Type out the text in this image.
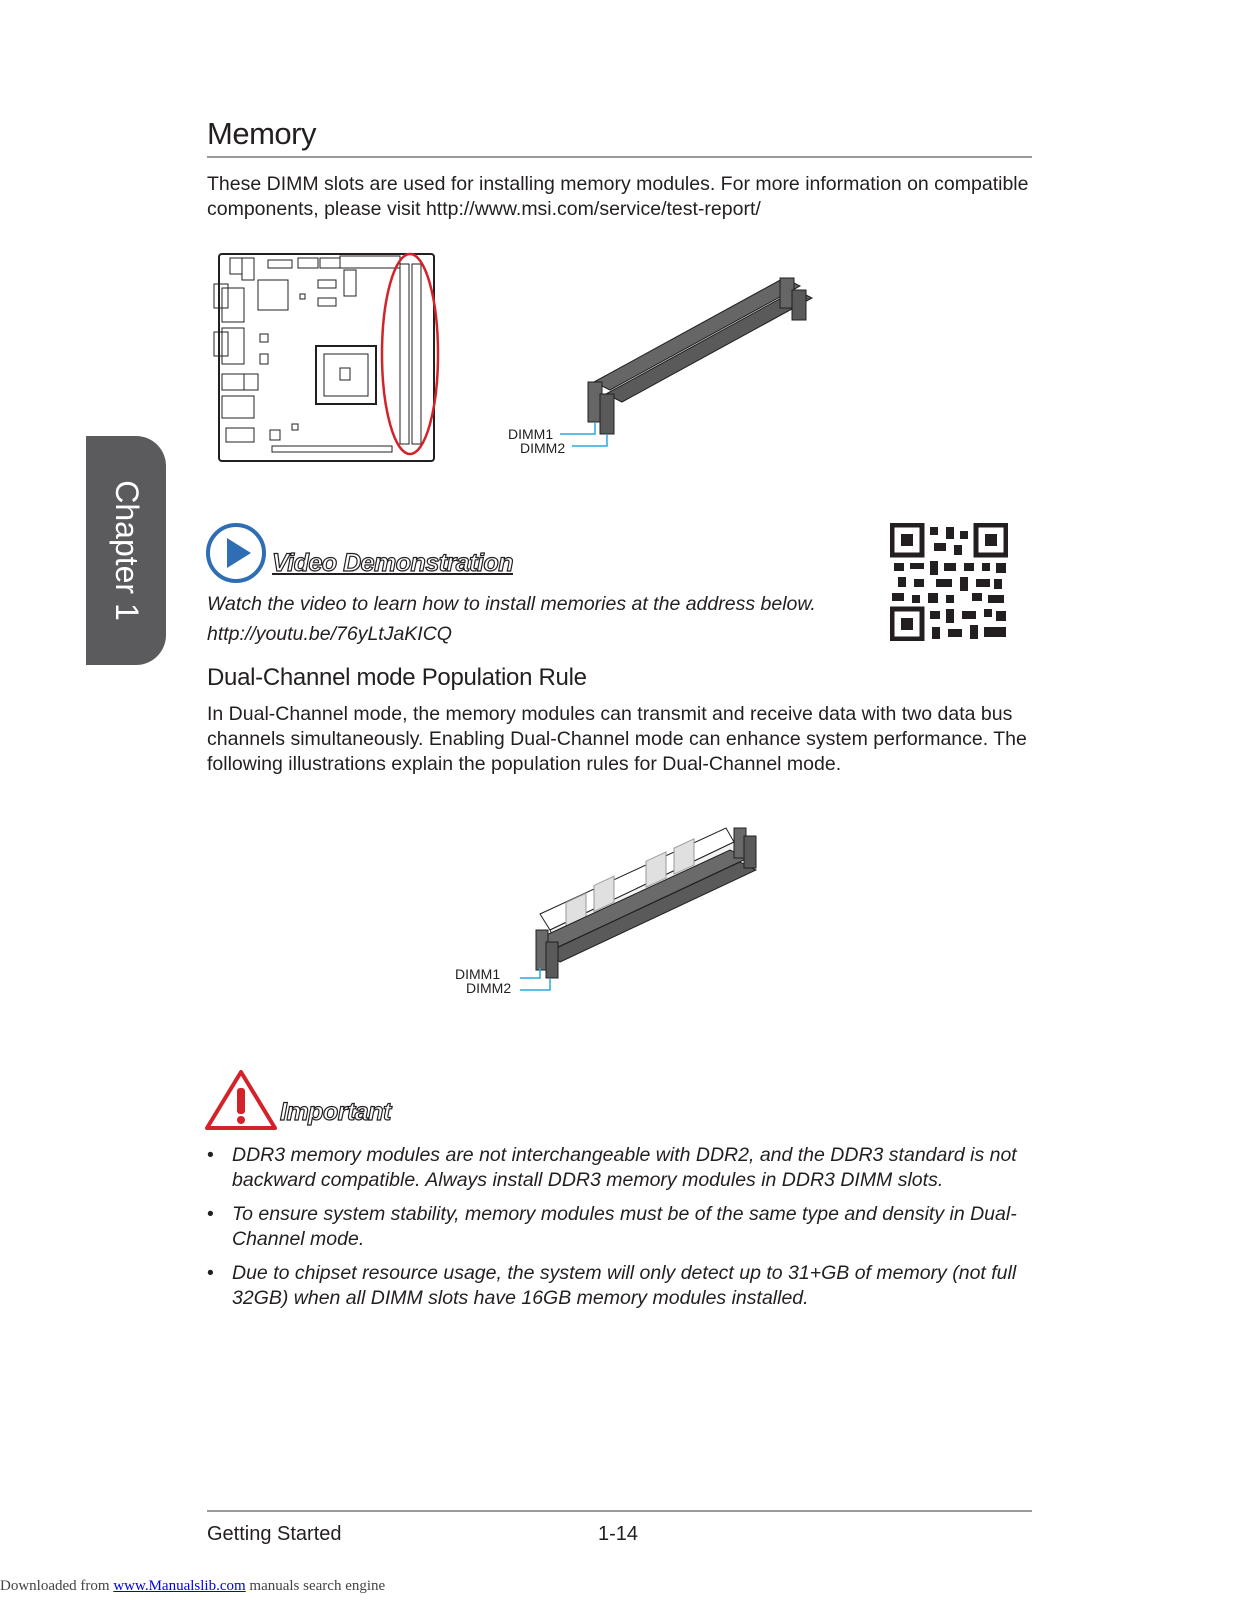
Memory
These DIMM slots are used for installing memory modules. For more information on compatible components, please visit http://www.msi.com/service/test-report/
Chapter 1
DIMM1
DIMM2
Video Demonstration
Watch the video to learn how to install memories at the address below.
http://youtu.be/76yLtJaKICQ
Dual-Channel mode Population Rule
In Dual-Channel mode, the memory modules can transmit and receive data with two data bus channels simultaneously. Enabling Dual-Channel mode can enhance system performance. The following illustrations explain the population rules for Dual-Channel mode.
DIMM1
DIMM2
Important
• DDR3 memory modules are not interchangeable with DDR2, and the DDR3 standard is not backward compatible. Always install DDR3 memory modules in DDR3 DIMM slots.
• To ensure system stability, memory modules must be of the same type and density in Dual-Channel mode.
• Due to chipset resource usage, the system will only detect up to 31+GB of memory (not full 32GB) when all DIMM slots have 16GB memory modules installed.
Getting Started	1-14
Downloaded from www.Manualslib.com manuals search engine
